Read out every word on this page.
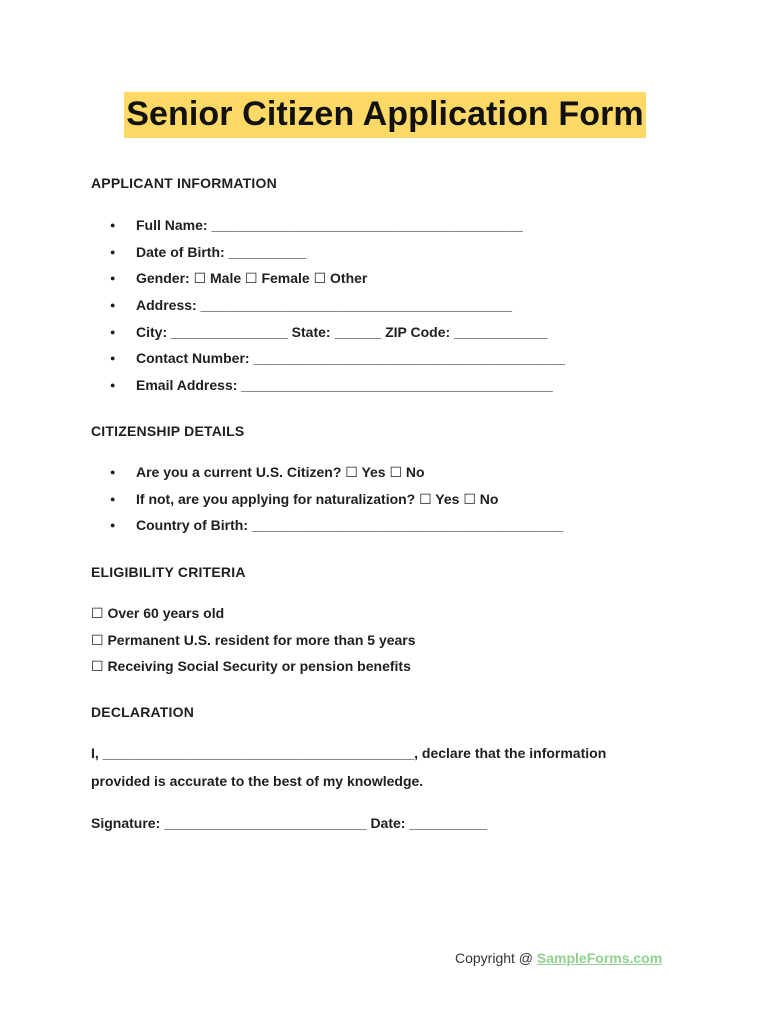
Senior Citizen Application Form
APPLICANT INFORMATION
● Full Name: ________________________________________
● Date of Birth: __________
● Gender: ☐ Male ☐ Female ☐ Other
● Address: ________________________________________
● City: _______________ State: ______ ZIP Code: ____________
● Contact Number: ________________________________________
● Email Address: ________________________________________
CITIZENSHIP DETAILS
● Are you a current U.S. Citizen? ☐ Yes ☐ No
● If not, are you applying for naturalization? ☐ Yes ☐ No
● Country of Birth: ________________________________________
ELIGIBILITY CRITERIA
☐ Over 60 years old
☐ Permanent U.S. resident for more than 5 years
☐ Receiving Social Security or pension benefits
DECLARATION
I, ________________________________________, declare that the information
provided is accurate to the best of my knowledge.
Signature: __________________________ Date: __________
Copyright @ SampleForms.com
